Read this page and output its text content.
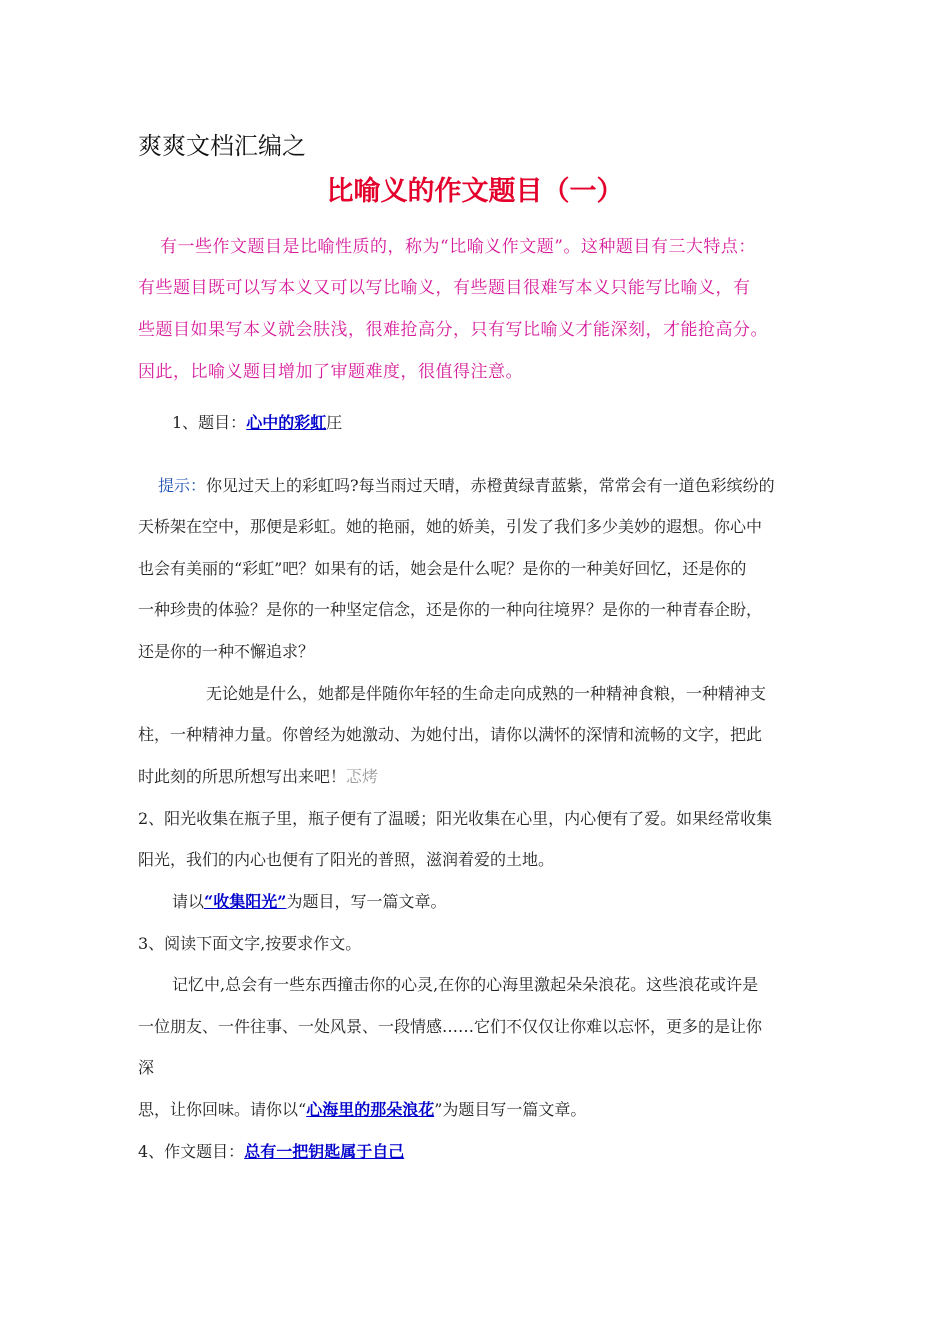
爽爽文档汇编之
比喻义的作文题目（一）
有一些作文题目是比喻性质的，称为“比喻义作文题”。这种题目有三大特点：
有些题目既可以写本义又可以写比喻义，有些题目很难写本义只能写比喻义，有
些题目如果写本义就会肤浅，很难抢高分，只有写比喻义才能深刻，才能抢高分。
因此，比喻义题目增加了审题难度，很值得注意。
1、题目：心中的彩虹圧
提示：你见过天上的彩虹吗?每当雨过天晴，赤橙黄绿青蓝紫，常常会有一道色彩缤纷的
天桥架在空中，那便是彩虹。她的艳丽，她的娇美，引发了我们多少美妙的遐想。你心中
也会有美丽的“彩虹”吧？如果有的话，她会是什么呢？是你的一种美好回忆，还是你的
一种珍贵的体验？是你的一种坚定信念，还是你的一种向往境界？是你的一种青春企盼，
还是你的一种不懈追求？
无论她是什么，她都是伴随你年轻的生命走向成熟的一种精神食粮，一种精神支
柱，一种精神力量。你曾经为她激动、为她付出，请你以满怀的深情和流畅的文字，把此
时此刻的所思所想写出来吧！忑烤
2、阳光收集在瓶子里，瓶子便有了温暖；阳光收集在心里，内心便有了爱。如果经常收集
阳光，我们的内心也便有了阳光的普照，滋润着爱的土地。
请以“收集阳光”为题目，写一篇文章。
3、阅读下面文字,按要求作文。
记忆中,总会有一些东西撞击你的心灵,在你的心海里激起朵朵浪花。这些浪花或许是
一位朋友、一件往事、一处风景、一段情感……它们不仅仅让你难以忘怀，更多的是让你
深
思，让你回味。请你以“心海里的那朵浪花”为题目写一篇文章。
4、作文题目：总有一把钥匙属于自己
